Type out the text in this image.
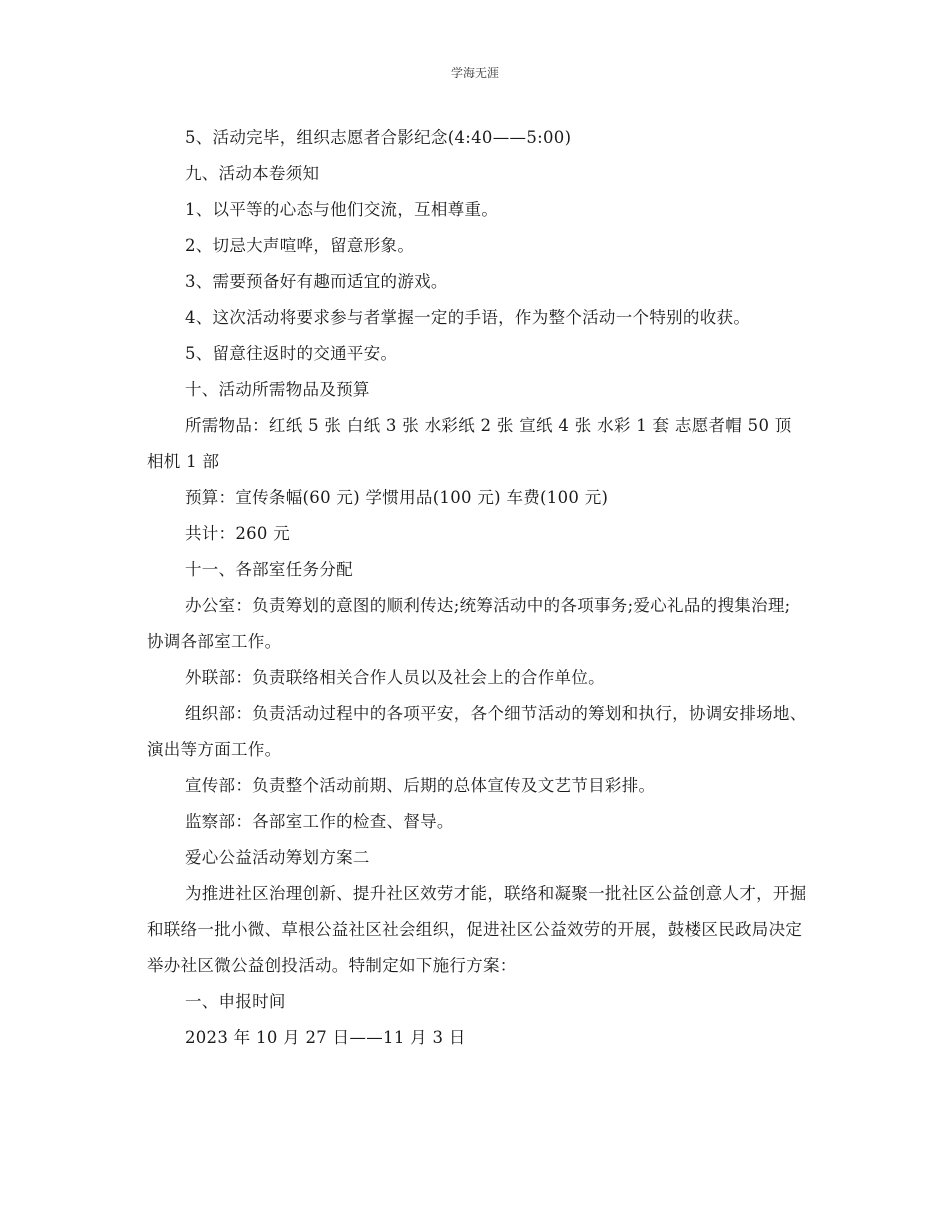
学海无涯

5、活动完毕，组织志愿者合影纪念(4:40——5:00)

九、活动本卷须知

1、以平等的心态与他们交流，互相尊重。

2、切忌大声喧哗，留意形象。

3、需要预备好有趣而适宜的游戏。

4、这次活动将要求参与者掌握一定的手语，作为整个活动一个特别的收获。

5、留意往返时的交通平安。

十、活动所需物品及预算

所需物品：红纸 5 张 白纸 3 张 水彩纸 2 张 宣纸 4 张 水彩 1 套 志愿者帽 50 顶 相机 1 部

预算：宣传条幅(60 元) 学惯用品(100 元) 车费(100 元)

共计：260 元

十一、各部室任务分配

办公室：负责筹划的意图的顺利传达;统筹活动中的各项事务;爱心礼品的搜集治理;协调各部室工作。

外联部：负责联络相关合作人员以及社会上的合作单位。

组织部：负责活动过程中的各项平安，各个细节活动的筹划和执行，协调安排场地、演出等方面工作。

宣传部：负责整个活动前期、后期的总体宣传及文艺节目彩排。

监察部：各部室工作的检查、督导。

爱心公益活动筹划方案二

为推进社区治理创新、提升社区效劳才能，联络和凝聚一批社区公益创意人才，开掘和联络一批小微、草根公益社区社会组织，促进社区公益效劳的开展，鼓楼区民政局决定举办社区微公益创投活动。特制定如下施行方案：

一、申报时间

2023 年 10 月 27 日——11 月 3 日
